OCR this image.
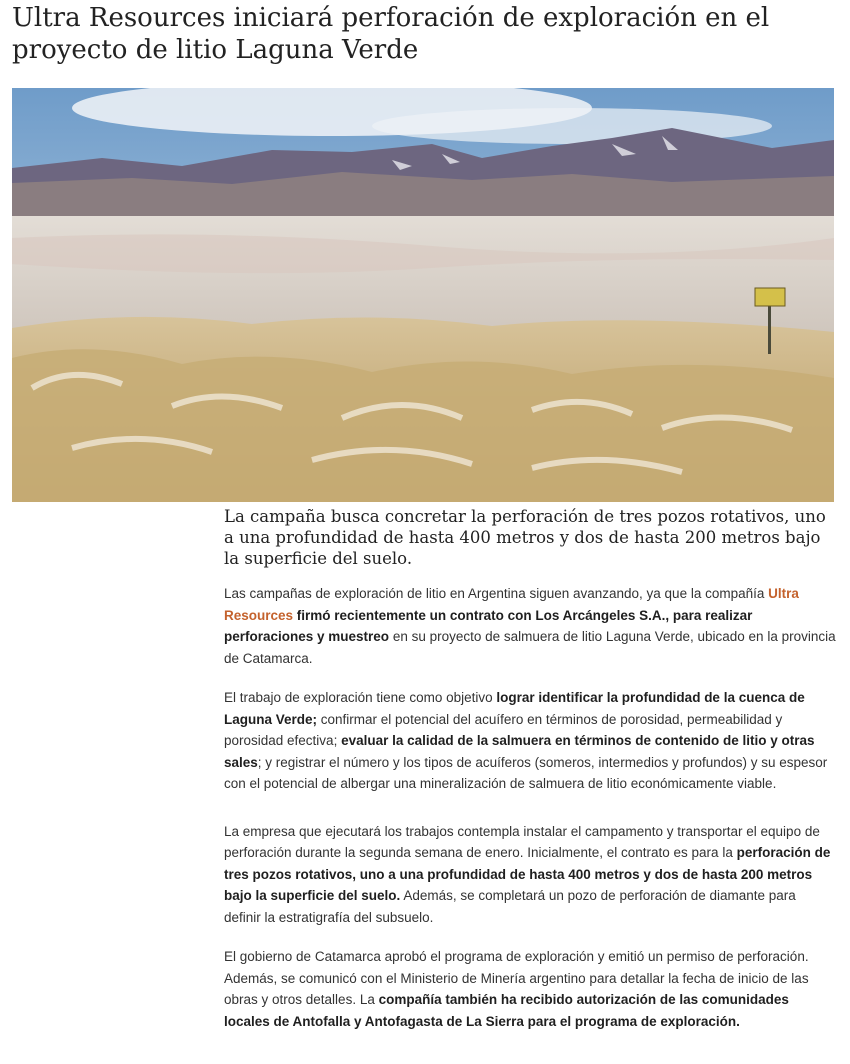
Ultra Resources iniciará perforación de exploración en el proyecto de litio Laguna Verde

La campaña busca concretar la perforación de tres pozos rotativos, uno a una profundidad de hasta 400 metros y dos de hasta 200 metros bajo la superficie del suelo.

Las campañas de exploración de litio en Argentina siguen avanzando, ya que la compañía Ultra Resources firmó recientemente un contrato con Los Arcángeles S.A., para realizar perforaciones y muestreo en su proyecto de salmuera de litio Laguna Verde, ubicado en la provincia de Catamarca.

El trabajo de exploración tiene como objetivo lograr identificar la profundidad de la cuenca de Laguna Verde; confirmar el potencial del acuífero en términos de porosidad, permeabilidad y porosidad efectiva; evaluar la calidad de la salmuera en términos de contenido de litio y otras sales; y registrar el número y los tipos de acuíferos (someros, intermedios y profundos) y su espesor con el potencial de albergar una mineralización de salmuera de litio económicamente viable.

La empresa que ejecutará los trabajos contempla instalar el campamento y transportar el equipo de perforación durante la segunda semana de enero. Inicialmente, el contrato es para la perforación de tres pozos rotativos, uno a una profundidad de hasta 400 metros y dos de hasta 200 metros bajo la superficie del suelo. Además, se completará un pozo de perforación de diamante para definir la estratigrafía del subsuelo.

El gobierno de Catamarca aprobó el programa de exploración y emitió un permiso de perforación. Además, se comunicó con el Ministerio de Minería argentino para detallar la fecha de inicio de las obras y otros detalles. La compañía también ha recibido autorización de las comunidades locales de Antofalla y Antofagasta de La Sierra para el programa de exploración.
